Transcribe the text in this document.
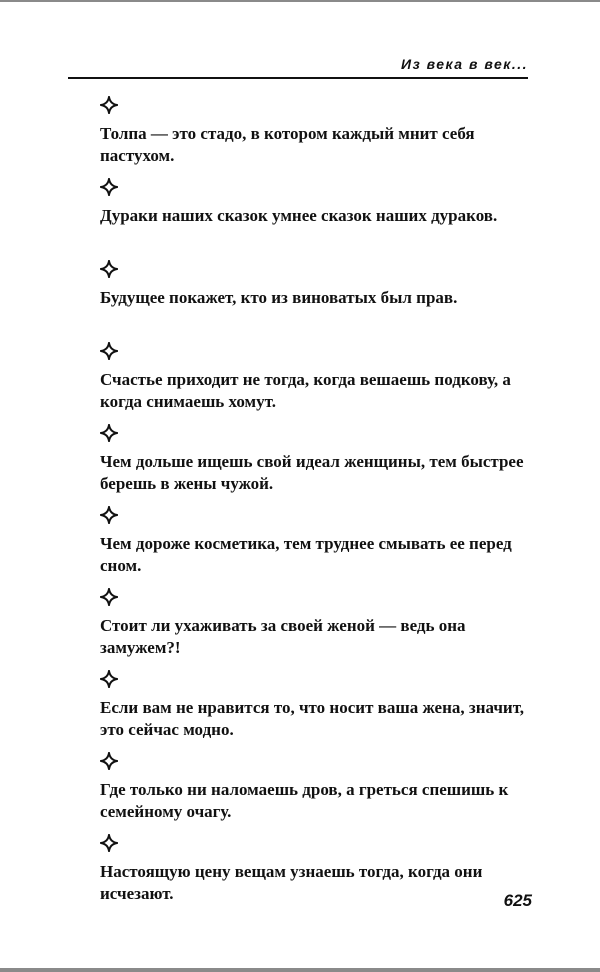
Из века в век...
Толпа — это стадо, в котором каждый мнит себя пастухом.
Дураки наших сказок умнее сказок наших дураков.
Будущее покажет, кто из виноватых был прав.
Счастье приходит не тогда, когда вешаешь подкову, а когда снимаешь хомут.
Чем дольше ищешь свой идеал женщины, тем быстрее берешь в жены чужой.
Чем дороже косметика, тем труднее смывать ее перед сном.
Стоит ли ухаживать за своей женой — ведь она замужем?!
Если вам не нравится то, что носит ваша жена, значит, это сейчас модно.
Где только ни наломаешь дров, а греться спешишь к семейному очагу.
Настоящую цену вещам узнаешь тогда, когда они исчезают.	625
